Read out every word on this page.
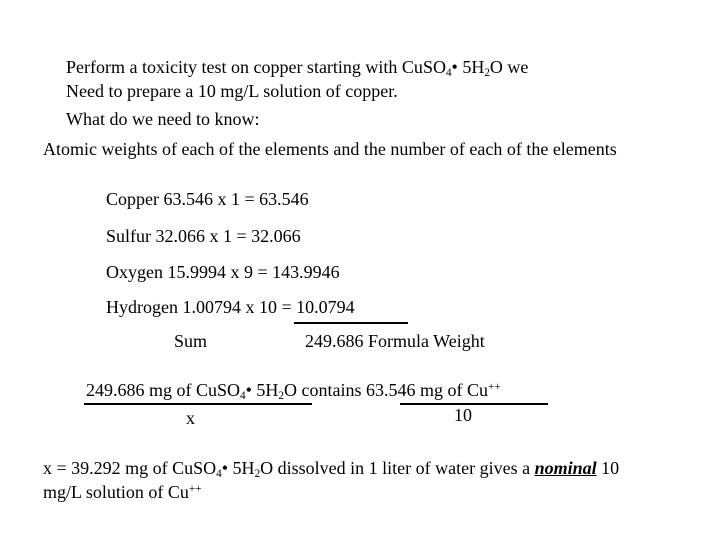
Perform a toxicity test on copper starting with CuSO$_4$• $5H_2O$ we
Need to prepare a 10 mg/L solution of copper.
What do we need to know:
Atomic weights of each of the elements and the number of each of the elements
Copper 63.546 x 1 = 63.546
Sulfur 32.066 x 1 = 32.066
Oxygen 15.9994 x 9 = 143.9946
Hydrogen 1.00794 x 10 = 10.0794
Sum	249.686 Formula Weight
249.686 mg of CuSO$_4$• $5H_2O$ contains 63.546 mg of Cu++
x	10
x = 39.292 mg of CuSO$_4$• $5H_2O$ dissolved in 1 liter of water gives a nominal 10
mg/L solution of Cu++
